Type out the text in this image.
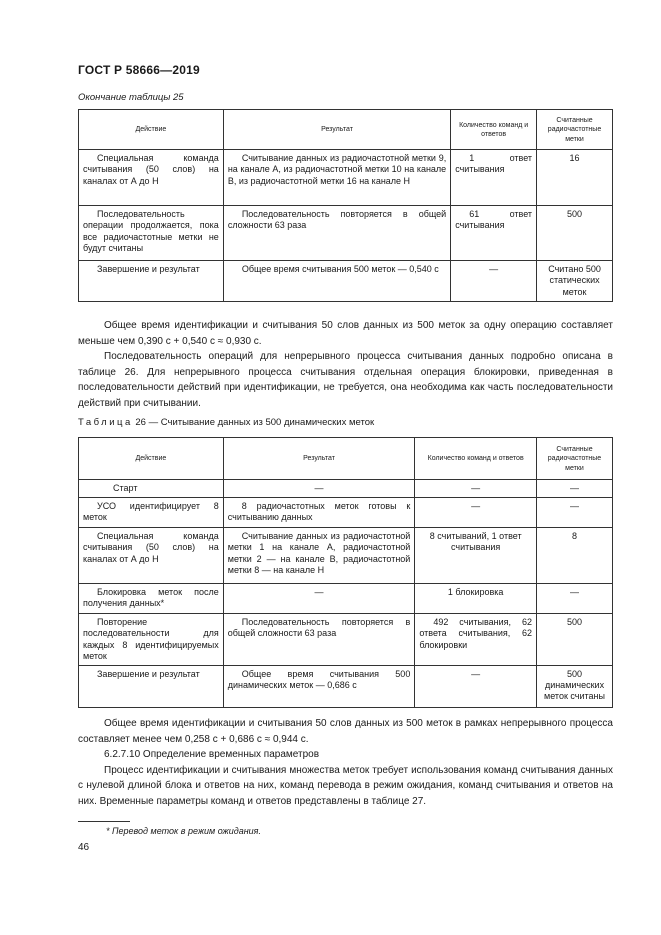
ГОСТ Р 58666—2019
Окончание таблицы 25
Действие	Результат	Количество команд и ответов	Считанные радиочастотные метки
Специальная команда считывания (50 слов) на каналах от А до Н	Считывание данных из радиочастотной метки 9, на канале А, из радиочастотной метки 10 на канале В, из радиочастотной метки 16 на канале Н	1 ответ считывания	16
Последовательность операции продолжается, пока все радиочастотные метки не будут считаны	Последовательность повторяется в общей сложности 63 раза	61 ответ считывания	500
Завершение и результат	Общее время считывания 500 меток — 0,540 с	—	Считано 500 статических меток

Общее время идентификации и считывания 50 слов данных из 500 меток за одну операцию составляет меньше чем 0,390 с + 0,540 с ≈ 0,930 с.

Последовательность операций для непрерывного процесса считывания данных подробно описана в таблице 26. Для непрерывного процесса считывания отдельная операция блокировки, приведенная в последовательности действий при идентификации, не требуется, она необходима как часть последовательности действий при считывании.

Таблица 26 — Считывание данных из 500 динамических меток
Действие	Результат	Количество команд и ответов	Считанные радиочастотные метки
Старт	—	—	—
УСО идентифицирует 8 меток	8 радиочастотных меток готовы к считыванию данных	—	—
Специальная команда считывания (50 слов) на каналах от А до Н	Считывание данных из радиочастотной метки 1 на канале А, радиочастотной метки 2 — на канале В, радиочастотной метки 8 — на канале Н	8 считываний, 1 ответ считывания	8
Блокировка меток после получения данных*	—	1 блокировка	—
Повторение последовательности для каждых 8 идентифицируемых меток	Последовательность повторяется в общей сложности 63 раза	492 считывания, 62 ответа считывания, 62 блокировки	500
Завершение и результат	Общее время считывания 500 динамических меток — 0,686 с	—	500 динамических меток считаны

Общее время идентификации и считывания 50 слов данных из 500 меток в рамках непрерывного процесса составляет менее чем 0,258 с + 0,686 с ≈ 0,944 с.

6.2.7.10 Определение временных параметров

Процесс идентификации и считывания множества меток требует использования команд считывания данных с нулевой длиной блока и ответов на них, команд перевода в режим ожидания, команд считывания и ответов на них. Временные параметры команд и ответов представлены в таблице 27.

* Перевод меток в режим ожидания.
46
